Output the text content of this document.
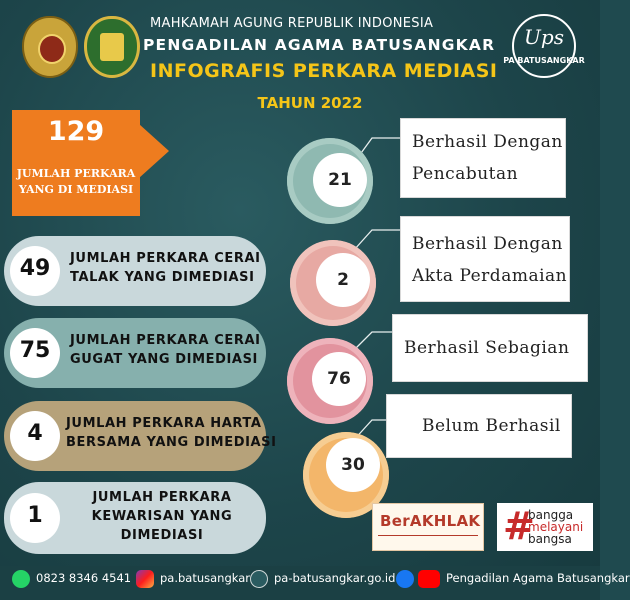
MAHKAMAH AGUNG REPUBLIK INDONESIA
PENGADILAN AGAMA BATUSANGKAR
INFOGRAFIS PERKARA MEDIASI
TAHUN 2022
Ups
PA BATUSANGKAR
129
JUMLAH PERKARA
YANG DI MEDIASI
49	JUMLAH PERKARA CERAI
TALAK YANG DIMEDIASI
75	JUMLAH PERKARA CERAI
GUGAT YANG DIMEDIASI
4	JUMLAH PERKARA HARTA
BERSAMA YANG DIMEDIASI
1
JUMLAH PERKARA
KEWARISAN YANG
DIMEDIASI
21
2
76
30
Berhasil Dengan
Pencabutan
Berhasil Dengan
Akta Perdamaian
Berhasil Sebagian
Belum Berhasil
BerAKHLAK #
bangga
melayani
bangsa
0823 8346 4541	pa.batusangkar pa-batusangkar.go.id	Pengadilan Agama Batusangkar
